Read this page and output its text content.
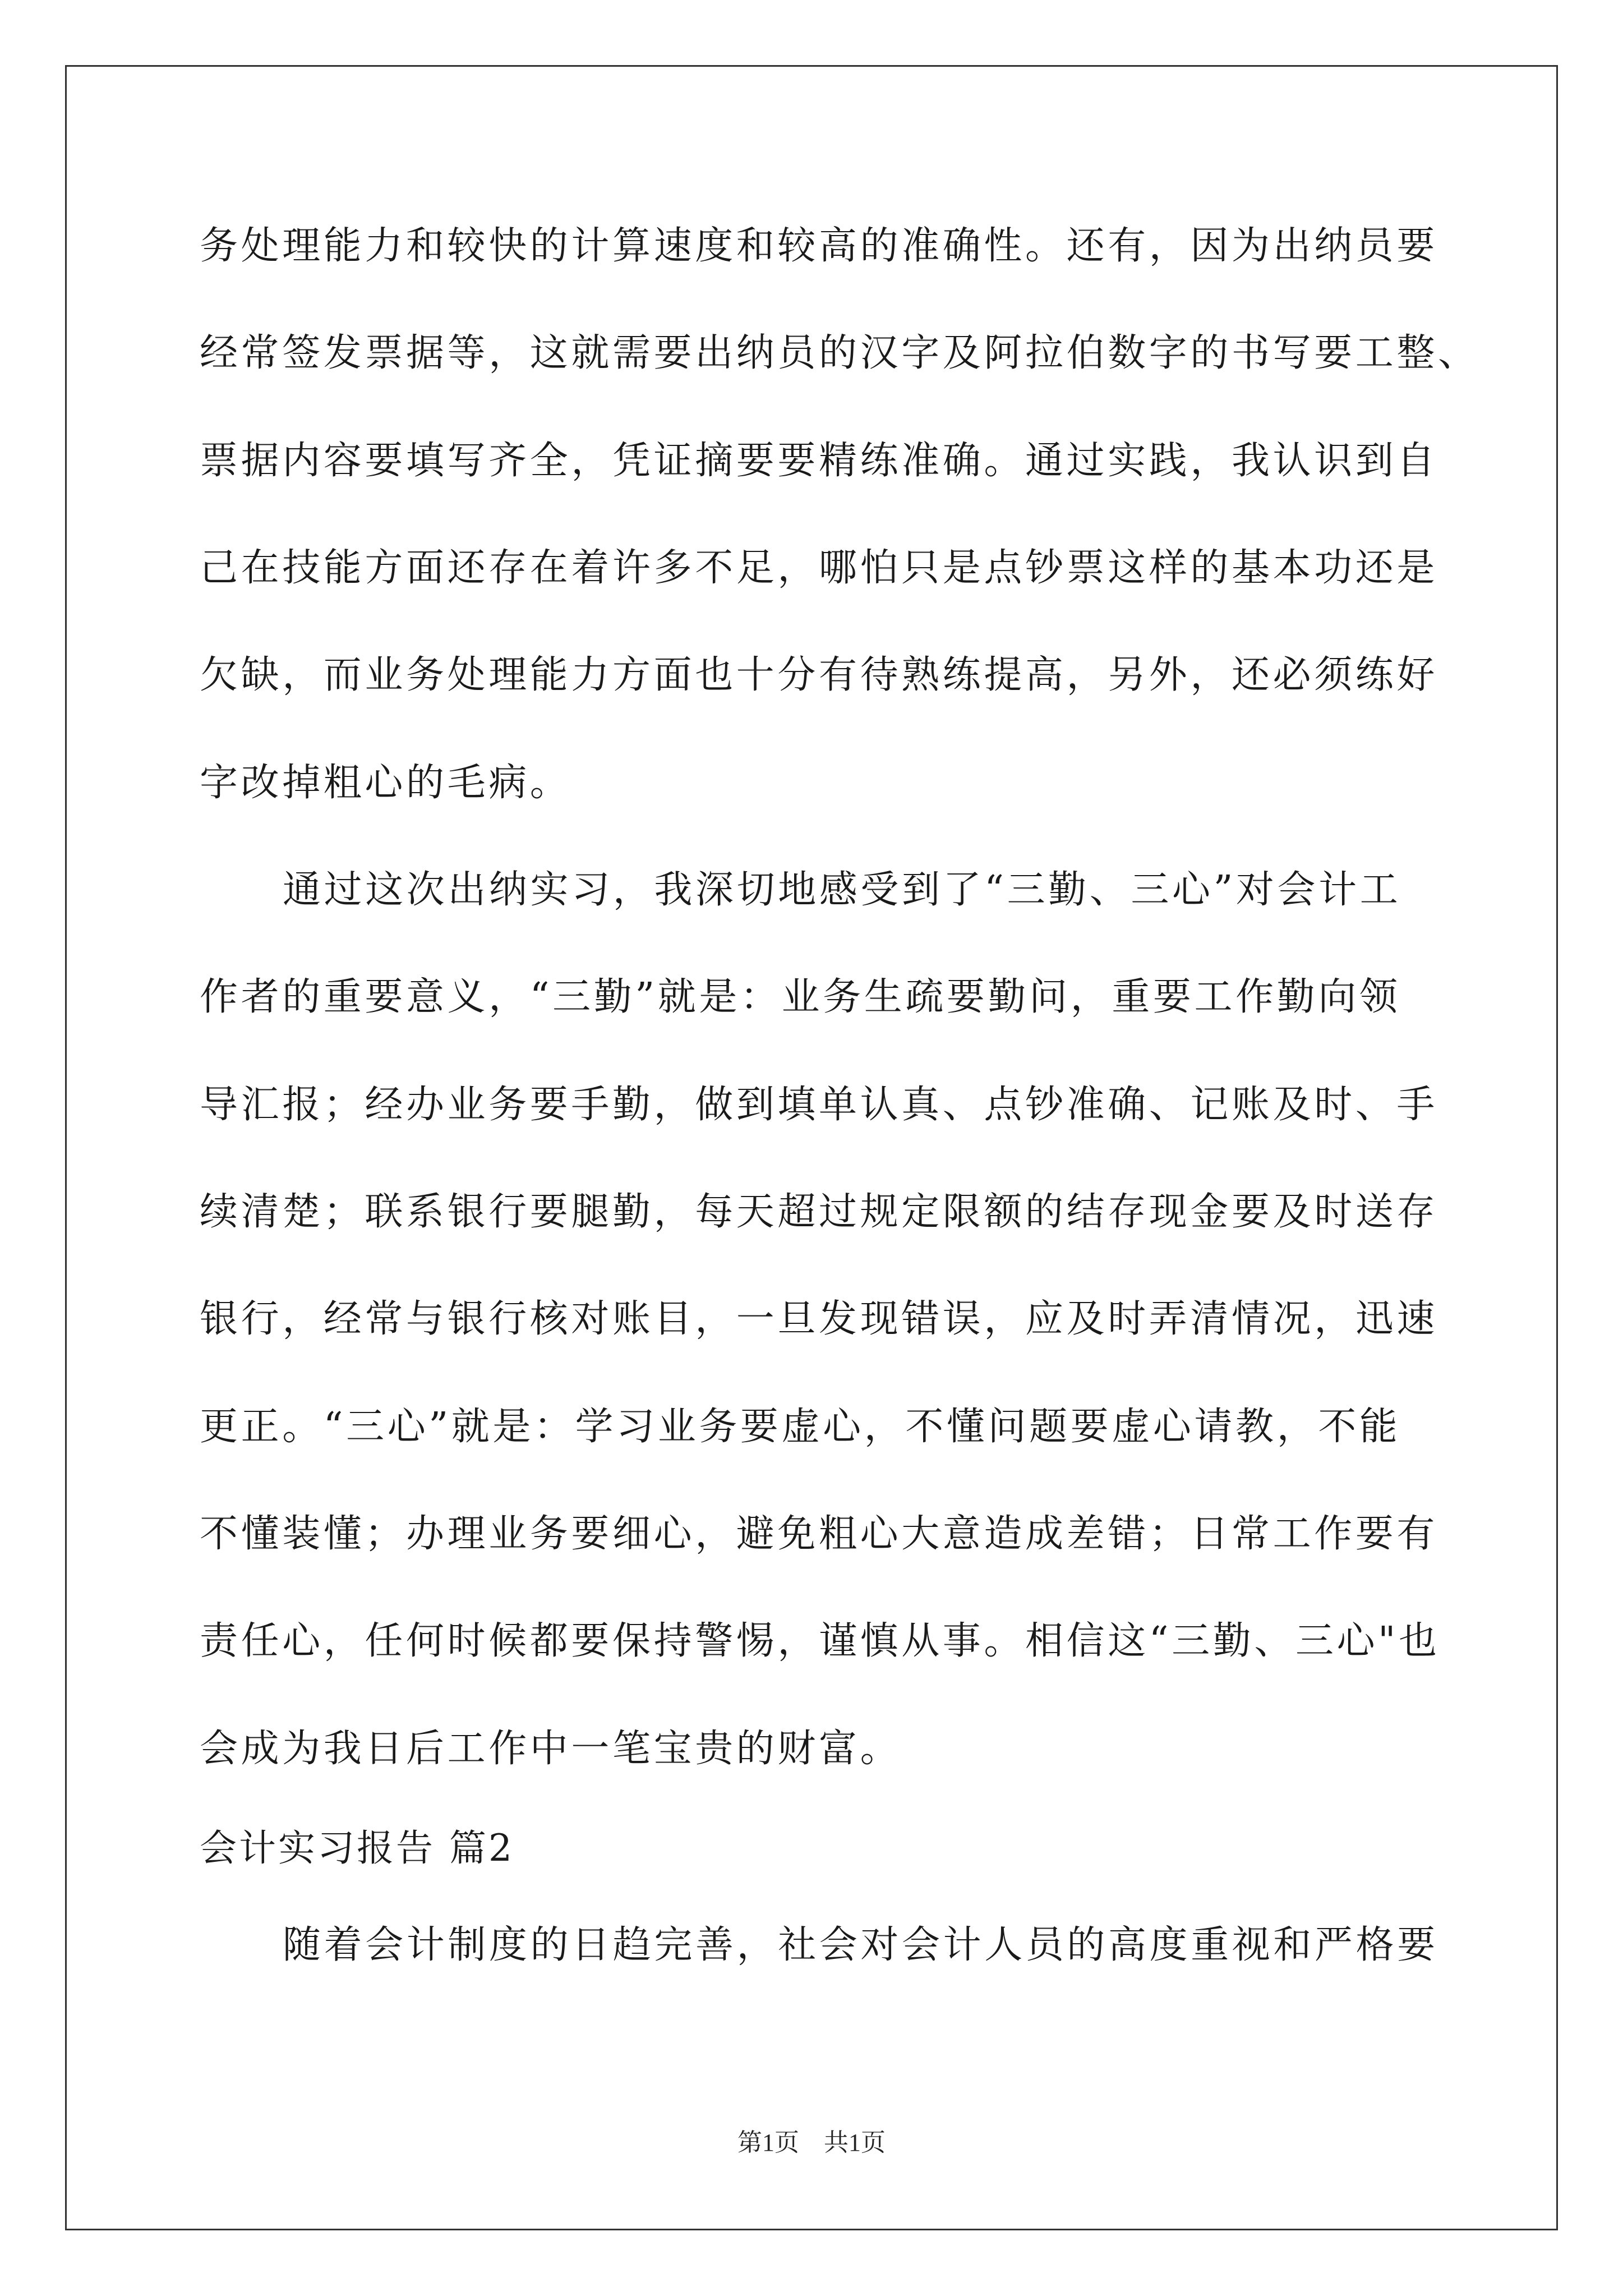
务处理能力和较快的计算速度和较高的准确性。还有，因为出纳员要
经常签发票据等，这就需要出纳员的汉字及阿拉伯数字的书写要工整、
票据内容要填写齐全，凭证摘要要精练准确。通过实践，我认识到自
己在技能方面还存在着许多不足，哪怕只是点钞票这样的基本功还是
欠缺，而业务处理能力方面也十分有待熟练提高，另外，还必须练好
字改掉粗心的毛病。
通过这次出纳实习，我深切地感受到了“三勤、三心”对会计工
作者的重要意义，“三勤”就是：业务生疏要勤问，重要工作勤向领
导汇报；经办业务要手勤，做到填单认真、点钞准确、记账及时、手
续清楚；联系银行要腿勤，每天超过规定限额的结存现金要及时送存
银行，经常与银行核对账目，一旦发现错误，应及时弄清情况，迅速
更正。“三心”就是：学习业务要虚心，不懂问题要虚心请教，不能
不懂装懂；办理业务要细心，避免粗心大意造成差错；日常工作要有
责任心，任何时候都要保持警惕，谨慎从事。相信这“三勤、三心"也
会成为我日后工作中一笔宝贵的财富。
会计实习报告 篇2
随着会计制度的日趋完善，社会对会计人员的高度重视和严格要
第1页　共1页
